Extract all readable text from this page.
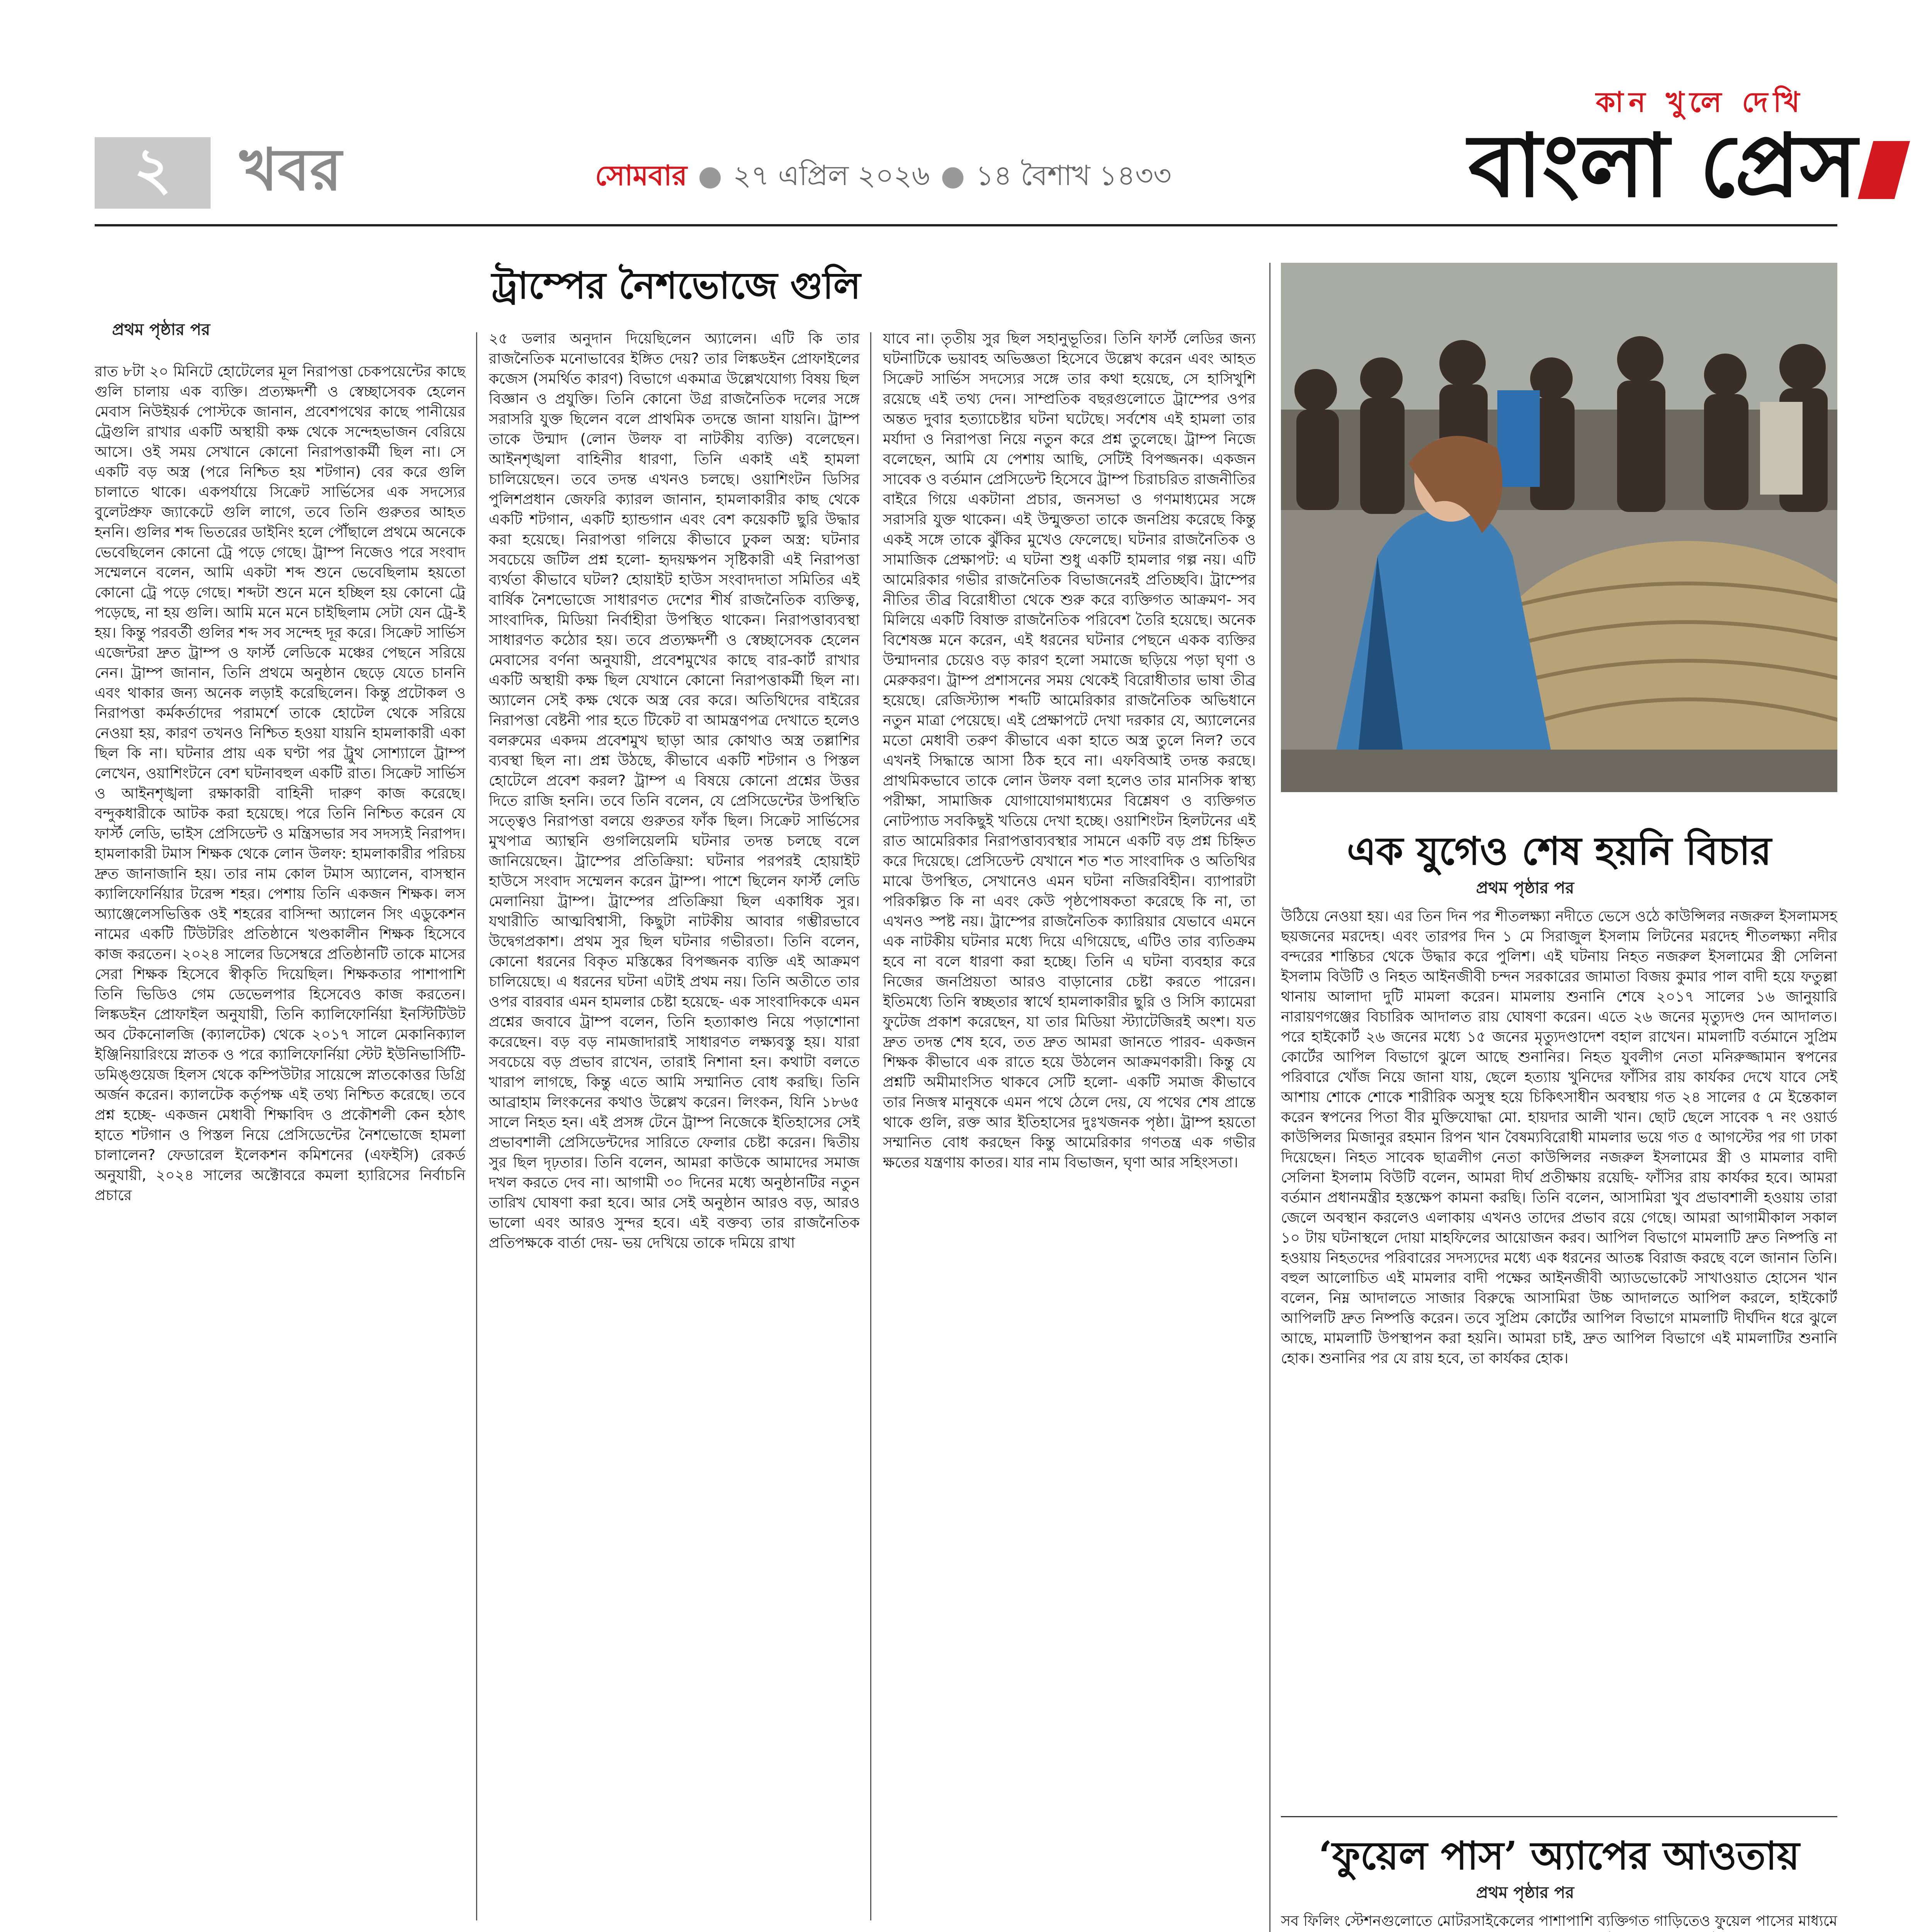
২	খবর	সোমবার ● ২৭ এপ্রিল ২০২৬ ● ১৪ বৈশাখ ১৪৩৩
কান খুলে দেখি
বাংলা প্রেস
ট্রাম্পের নৈশভোজে গুলি
প্রথম পৃষ্ঠার পর

রাত ৮টা ২০ মিনিটে হোটেলের মূল নিরাপত্তা চেকপয়েন্টের কাছে গুলি চালায় এক ব্যক্তি। প্রত্যক্ষদর্শী ও স্বেচ্ছাসেবক হেলেন মেবাস নিউইয়র্ক পোস্টকে জানান, প্রবেশপথের কাছে পানীয়ের ট্রেগুলি রাখার একটি অস্থায়ী কক্ষ থেকে সন্দেহভাজন বেরিয়ে আসে। ওই সময় সেখানে কোনো নিরাপত্তাকর্মী ছিল না। সে একটি বড় অস্ত্র (পরে নিশ্চিত হয় শটগান) বের করে গুলি চালাতে থাকে। একপর্যায়ে সিক্রেট সার্ভিসের এক সদস্যের বুলেটপ্রুফ জ্যাকেটে গুলি লাগে, তবে তিনি গুরুতর আহত হননি। গুলির শব্দ ভিতরের ডাইনিং হলে পৌঁছালে প্রথমে অনেকে ভেবেছিলেন কোনো ট্রে পড়ে গেছে। ট্রাম্প নিজেও পরে সংবাদ সম্মেলনে বলেন, আমি একটা শব্দ শুনে ভেবেছিলাম হয়তো কোনো ট্রে পড়ে গেছে। শব্দটা শুনে মনে হচ্ছিল হয় কোনো ট্রে পড়েছে, না হয় গুলি। আমি মনে মনে চাইছিলাম সেটা যেন ট্রে-ই হয়। কিন্তু পরবর্তী গুলির শব্দ সব সন্দেহ দূর করে। সিক্রেট সার্ভিস এজেন্টরা দ্রুত ট্রাম্প ও ফার্স্ট লেডিকে মঞ্চের পেছনে সরিয়ে নেন। ট্রাম্প জানান, তিনি প্রথমে অনুষ্ঠান ছেড়ে যেতে চাননি এবং থাকার জন্য অনেক লড়াই করেছিলেন। কিন্তু প্রটোকল ও নিরাপত্তা কর্মকর্তাদের পরামর্শে তাকে হোটেল থেকে সরিয়ে নেওয়া হয়, কারণ তখনও নিশ্চিত হওয়া যায়নি হামলাকারী একা ছিল কি না। ঘটনার প্রায় এক ঘণ্টা পর ট্রুথ সোশ্যালে ট্রাম্প লেখেন, ওয়াশিংটনে বেশ ঘটনাবহুল একটি রাত। সিক্রেট সার্ভিস ও আইনশৃঙ্খলা রক্ষাকারী বাহিনী দারুণ কাজ করেছে। বন্দুকধারীকে আটক করা হয়েছে। পরে তিনি নিশ্চিত করেন যে ফার্স্ট লেডি, ভাইস প্রেসিডেন্ট ও মন্ত্রিসভার সব সদস্যই নিরাপদ। হামলাকারী টমাস শিক্ষক থেকে লোন উলফ: হামলাকারীর পরিচয় দ্রুত জানাজানি হয়। তার নাম কোল টমাস অ্যালেন, বাসস্থান ক্যালিফোর্নিয়ার টরেন্স শহর। পেশায় তিনি একজন শিক্ষক। লস অ্যাঞ্জেলেসভিত্তিক ওই শহরের বাসিন্দা অ্যালেন সিং এডুকেশন নামের একটি টিউটরিং প্রতিষ্ঠানে খণ্ডকালীন শিক্ষক হিসেবে কাজ করতেন। ২০২৪ সালের ডিসেম্বরে প্রতিষ্ঠানটি তাকে মাসের সেরা শিক্ষক হিসেবে স্বীকৃতি দিয়েছিল। শিক্ষকতার পাশাপাশি তিনি ভিডিও গেম ডেভেলপার হিসেবেও কাজ করতেন। লিঙ্কডইন প্রোফাইল অনুযায়ী, তিনি ক্যালিফোর্নিয়া ইনস্টিটিউট অব টেকনোলজি (ক্যালটেক) থেকে ২০১৭ সালে মেকানিক্যাল ইঞ্জিনিয়ারিংয়ে স্নাতক ও পরে ক্যালিফোর্নিয়া স্টেট ইউনিভার্সিটি-ডমিঙ্গুয়েজ হিলস থেকে কম্পিউটার সায়েন্সে স্নাতকোত্তর ডিগ্রি অর্জন করেন। ক্যালটেক কর্তৃপক্ষ এই তথ্য নিশ্চিত করেছে। তবে প্রশ্ন হচ্ছে- একজন মেধাবী শিক্ষাবিদ ও প্রকৌশলী কেন হঠাৎ হাতে শটগান ও পিস্তল নিয়ে প্রেসিডেন্টের নৈশভোজে হামলা চালালেন? ফেডারেল ইলেকশন কমিশনের (এফইসি) রেকর্ড অনুযায়ী, ২০২৪ সালের অক্টোবরে কমলা হ্যারিসের নির্বাচনি প্রচারে

২৫ ডলার অনুদান দিয়েছিলেন অ্যালেন। এটি কি তার রাজনৈতিক মনোভাবের ইঙ্গিত দেয়? তার লিঙ্কডইন প্রোফাইলের কজেস (সমর্থিত কারণ) বিভাগে একমাত্র উল্লেখযোগ্য বিষয় ছিল বিজ্ঞান ও প্রযুক্তি। তিনি কোনো উগ্র রাজনৈতিক দলের সঙ্গে সরাসরি যুক্ত ছিলেন বলে প্রাথমিক তদন্তে জানা যায়নি। ট্রাম্প তাকে উন্মাদ (লোন উলফ বা নাটকীয় ব্যক্তি) বলেছেন। আইনশৃঙ্খলা বাহিনীর ধারণা, তিনি একাই এই হামলা চালিয়েছেন। তবে তদন্ত এখনও চলছে। ওয়াশিংটন ডিসির পুলিশপ্রধান জেফরি ক্যারল জানান, হামলাকারীর কাছ থেকে একটি শটগান, একটি হ্যান্ডগান এবং বেশ কয়েকটি ছুরি উদ্ধার করা হয়েছে। নিরাপত্তা গলিয়ে কীভাবে ঢুকল অস্ত্র: ঘটনার সবচেয়ে জটিল প্রশ্ন হলো- হৃদয়ক্ষপন সৃষ্টিকারী এই নিরাপত্তা ব্যর্থতা কীভাবে ঘটল? হোয়াইট হাউস সংবাদদাতা সমিতির এই বার্ষিক নৈশভোজে সাধারণত দেশের শীর্ষ রাজনৈতিক ব্যক্তিত্ব, সাংবাদিক, মিডিয়া নির্বাহীরা উপস্থিত থাকেন। নিরাপত্তাব্যবস্থা সাধারণত কঠোর হয়। তবে প্রত্যক্ষদর্শী ও স্বেচ্ছাসেবক হেলেন মেবাসের বর্ণনা অনুযায়ী, প্রবেশমুখের কাছে বার-কার্ট রাখার একটি অস্থায়ী কক্ষ ছিল যেখানে কোনো নিরাপত্তাকর্মী ছিল না। অ্যালেন সেই কক্ষ থেকে অস্ত্র বের করে। অতিথিদের বাইরের নিরাপত্তা বেষ্টনী পার হতে টিকেট বা আমন্ত্রণপত্র দেখাতে হলেও বলরুমের একদম প্রবেশমুখ ছাড়া আর কোথাও অস্ত্র তল্লাশির ব্যবস্থা ছিল না। প্রশ্ন উঠছে, কীভাবে একটি শটগান ও পিস্তল হোটেলে প্রবেশ করল? ট্রাম্প এ বিষয়ে কোনো প্রশ্নের উত্তর দিতে রাজি হননি। তবে তিনি বলেন, যে প্রেসিডেন্টের উপস্থিতি সত্ত্বেও নিরাপত্তা বলয়ে গুরুতর ফাঁক ছিল। সিক্রেট সার্ভিসের মুখপাত্র অ্যান্থনি গুগলিয়েলমি ঘটনার তদন্ত চলছে বলে জানিয়েছেন। ট্রাম্পের প্রতিক্রিয়া: ঘটনার পরপরই হোয়াইট হাউসে সংবাদ সম্মেলন করেন ট্রাম্প। পাশে ছিলেন ফার্স্ট লেডি মেলানিয়া ট্রাম্প। ট্রাম্পের প্রতিক্রিয়া ছিল একাধিক সুর। যথারীতি আত্মবিশ্বাসী, কিছুটা নাটকীয় আবার গম্ভীরভাবে উদ্বেগপ্রকাশ। প্রথম সুর ছিল ঘটনার গভীরতা। তিনি বলেন, কোনো ধরনের বিকৃত মস্তিষ্কের বিপজ্জনক ব্যক্তি এই আক্রমণ চালিয়েছে। এ ধরনের ঘটনা এটাই প্রথম নয়। তিনি অতীতে তার ওপর বারবার এমন হামলার চেষ্টা হয়েছে- এক সাংবাদিককে এমন প্রশ্নের জবাবে ট্রাম্প বলেন, তিনি হত্যাকাণ্ড নিয়ে পড়াশোনা করেছেন। বড় বড় নামজাদারাই সাধারণত লক্ষ্যবস্তু হয়। যারা সবচেয়ে বড় প্রভাব রাখেন, তারাই নিশানা হন। কথাটা বলতে খারাপ লাগছে, কিন্তু এতে আমি সম্মানিত বোধ করছি। তিনি আব্রাহাম লিংকনের কথাও উল্লেখ করেন। লিংকন, যিনি ১৮৬৫ সালে নিহত হন। এই প্রসঙ্গ টেনে ট্রাম্প নিজেকে ইতিহাসের সেই প্রভাবশালী প্রেসিডেন্টদের সারিতে ফেলার চেষ্টা করেন। দ্বিতীয় সুর ছিল দৃঢ়তার। তিনি বলেন, আমরা কাউকে আমাদের সমাজ দখল করতে দেব না। আগামী ৩০ দিনের মধ্যে অনুষ্ঠানটির নতুন তারিখ ঘোষণা করা হবে। আর সেই অনুষ্ঠান আরও বড়, আরও ভালো এবং আরও সুন্দর হবে। এই বক্তব্য তার রাজনৈতিক প্রতিপক্ষকে বার্তা দেয়- ভয় দেখিয়ে তাকে দমিয়ে রাখা

যাবে না। তৃতীয় সুর ছিল সহানুভূতির। তিনি ফার্স্ট লেডির জন্য ঘটনাটিকে ভয়াবহ অভিজ্ঞতা হিসেবে উল্লেখ করেন এবং আহত সিক্রেট সার্ভিস সদস্যের সঙ্গে তার কথা হয়েছে, সে হাসিখুশি রয়েছে এই তথ্য দেন। সাম্প্রতিক বছরগুলোতে ট্রাম্পের ওপর অন্তত দুবার হত্যাচেষ্টার ঘটনা ঘটেছে। সর্বশেষ এই হামলা তার মর্যাদা ও নিরাপত্তা নিয়ে নতুন করে প্রশ্ন তুলেছে। ট্রাম্প নিজে বলেছেন, আমি যে পেশায় আছি, সেটিই বিপজ্জনক। একজন সাবেক ও বর্তমান প্রেসিডেন্ট হিসেবে ট্রাম্প চিরাচরিত রাজনীতির বাইরে গিয়ে একটানা প্রচার, জনসভা ও গণমাধ্যমের সঙ্গে সরাসরি যুক্ত থাকেন। এই উন্মুক্ততা তাকে জনপ্রিয় করেছে কিন্তু একই সঙ্গে তাকে ঝুঁকির মুখেও ফেলেছে। ঘটনার রাজনৈতিক ও সামাজিক প্রেক্ষাপট: এ ঘটনা শুধু একটি হামলার গল্প নয়। এটি আমেরিকার গভীর রাজনৈতিক বিভাজনেরই প্রতিচ্ছবি। ট্রাম্পের নীতির তীব্র বিরোধীতা থেকে শুরু করে ব্যক্তিগত আক্রমণ- সব মিলিয়ে একটি বিষাক্ত রাজনৈতিক পরিবেশ তৈরি হয়েছে। অনেক বিশেষজ্ঞ মনে করেন, এই ধরনের ঘটনার পেছনে একক ব্যক্তির উন্মাদনার চেয়েও বড় কারণ হলো সমাজে ছড়িয়ে পড়া ঘৃণা ও মেরুকরণ। ট্রাম্প প্রশাসনের সময় থেকেই বিরোধীতার ভাষা তীব্র হয়েছে। রেজিস্ট্যান্স শব্দটি আমেরিকার রাজনৈতিক অভিধানে নতুন মাত্রা পেয়েছে। এই প্রেক্ষাপটে দেখা দরকার যে, অ্যালেনের মতো মেধাবী তরুণ কীভাবে একা হাতে অস্ত্র তুলে নিল? তবে এখনই সিদ্ধান্তে আসা ঠিক হবে না। এফবিআই তদন্ত করছে। প্রাথমিকভাবে তাকে লোন উলফ বলা হলেও তার মানসিক স্বাস্থ্য পরীক্ষা, সামাজিক যোগাযোগমাধ্যমের বিশ্লেষণ ও ব্যক্তিগত নোটপ্যাড সবকিছুই খতিয়ে দেখা হচ্ছে। ওয়াশিংটন হিলটনের এই রাত আমেরিকার নিরাপত্তাব্যবস্থার সামনে একটি বড় প্রশ্ন চিহ্নিত করে দিয়েছে। প্রেসিডেন্ট যেখানে শত শত সাংবাদিক ও অতিথির মাঝে উপস্থিত, সেখানেও এমন ঘটনা নজিরবিহীন। ব্যাপারটা পরিকল্পিত কি না এবং কেউ পৃষ্ঠপোষকতা করেছে কি না, তা এখনও স্পষ্ট নয়। ট্রাম্পের রাজনৈতিক ক্যারিয়ার যেভাবে এমনে এক নাটকীয় ঘটনার মধ্যে দিয়ে এগিয়েছে, এটিও তার ব্যতিক্রম হবে না বলে ধারণা করা হচ্ছে। তিনি এ ঘটনা ব্যবহার করে নিজের জনপ্রিয়তা আরও বাড়ানোর চেষ্টা করতে পারেন। ইতিমধ্যে তিনি স্বচ্ছতার স্বার্থে হামলাকারীর ছুরি ও সিসি ক্যামেরা ফুটেজ প্রকাশ করেছেন, যা তার মিডিয়া স্ট্যাটেজিরই অংশ। যত দ্রুত তদন্ত শেষ হবে, তত দ্রুত আমরা জানতে পারব- একজন শিক্ষক কীভাবে এক রাতে হয়ে উঠলেন আক্রমণকারী। কিন্তু যে প্রশ্নটি অমীমাংসিত থাকবে সেটি হলো- একটি সমাজ কীভাবে তার নিজস্ব মানুষকে এমন পথে ঠেলে দেয়, যে পথের শেষ প্রান্তে থাকে গুলি, রক্ত আর ইতিহাসের দুঃখজনক পৃষ্ঠা। ট্রাম্প হয়তো সম্মানিত বোধ করছেন কিন্তু আমেরিকার গণতন্ত্র এক গভীর ক্ষতের যন্ত্রণায় কাতর। যার নাম বিভাজন, ঘৃণা আর সহিংসতা।

এক যুগেও শেষ হয়নি বিচার
প্রথম পৃষ্ঠার পর

উঠিয়ে নেওয়া হয়। এর তিন দিন পর শীতলক্ষ্যা নদীতে ভেসে ওঠে কাউন্সিলর নজরুল ইসলামসহ ছয়জনের মরদেহ। এবং তারপর দিন ১ মে সিরাজুল ইসলাম লিটনের মরদেহ শীতলক্ষ্যা নদীর বন্দরের শান্তিচর থেকে উদ্ধার করে পুলিশ। এই ঘটনায় নিহত নজরুল ইসলামের স্ত্রী সেলিনা ইসলাম বিউটি ও নিহত আইনজীবী চন্দন সরকারের জামাতা বিজয় কুমার পাল বাদী হয়ে ফতুল্লা থানায় আলাদা দুটি মামলা করেন। মামলায় শুনানি শেষে ২০১৭ সালের ১৬ জানুয়ারি নারায়ণগঞ্জের বিচারিক আদালত রায় ঘোষণা করেন। এতে ২৬ জনের মৃত্যুদণ্ড দেন আদালত। পরে হাইকোর্ট ২৬ জনের মধ্যে ১৫ জনের মৃত্যুদণ্ডাদেশ বহাল রাখেন। মামলাটি বর্তমানে সুপ্রিম কোর্টের আপিল বিভাগে ঝুলে আছে শুনানির। নিহত যুবলীগ নেতা মনিরুজ্জামান স্বপনের পরিবারে খোঁজ নিয়ে জানা যায়, ছেলে হত্যায় খুনিদের ফাঁসির রায় কার্যকর দেখে যাবে সেই আশায় শোকে শোকে শারীরিক অসুস্থ হয়ে চিকিৎসাধীন অবস্থায় গত ২৪ সালের ৫ মে ইন্তেকাল করেন স্বপনের পিতা বীর মুক্তিযোদ্ধা মো. হায়দার আলী খান। ছোট ছেলে সাবেক ৭ নং ওয়ার্ড কাউন্সিলর মিজানুর রহমান রিপন খান বৈষম্যবিরোধী মামলার ভয়ে গত ৫ আগস্টের পর গা ঢাকা দিয়েছেন। নিহত সাবেক ছাত্রলীগ নেতা কাউন্সিলর নজরুল ইসলামের স্ত্রী ও মামলার বাদী সেলিনা ইসলাম বিউটি বলেন, আমরা দীর্ঘ প্রতীক্ষায় রয়েছি- ফাঁসির রায় কার্যকর হবে। আমরা বর্তমান প্রধানমন্ত্রীর হস্তক্ষেপ কামনা করছি। তিনি বলেন, আসামিরা খুব প্রভাবশালী হওয়ায় তারা জেলে অবস্থান করলেও এলাকায় এখনও তাদের প্রভাব রয়ে গেছে। আমরা আগামীকাল সকাল ১০ টায় ঘটনাস্থলে দোয়া মাহফিলের আয়োজন করব। আপিল বিভাগে মামলাটি দ্রুত নিষ্পত্তি না হওয়ায় নিহতদের পরিবারের সদস্যদের মধ্যে এক ধরনের আতঙ্ক বিরাজ করছে বলে জানান তিনি। বহুল আলোচিত এই মামলার বাদী পক্ষের আইনজীবী অ্যাডভোকেট সাখাওয়াত হোসেন খান বলেন, নিম্ন আদালতে সাজার বিরুদ্ধে আসামিরা উচ্চ আদালতে আপিল করলে, হাইকোর্ট আপিলটি দ্রুত নিষ্পত্তি করেন। তবে সুপ্রিম কোর্টের আপিল বিভাগে মামলাটি দীর্ঘদিন ধরে ঝুলে আছে, মামলাটি উপস্থাপন করা হয়নি। আমরা চাই, দ্রুত আপিল বিভাগে এই মামলাটির শুনানি হোক। শুনানির পর যে রায় হবে, তা কার্যকর হোক।

‘ফুয়েল পাস’ অ্যাপের আওতায়
প্রথম পৃষ্ঠার পর

সব ফিলিং স্টেশনগুলোতে মোটরসাইকেলের পাশাপাশি ব্যক্তিগত গাড়িতেও ফুয়েল পাসের মাধ্যমে
